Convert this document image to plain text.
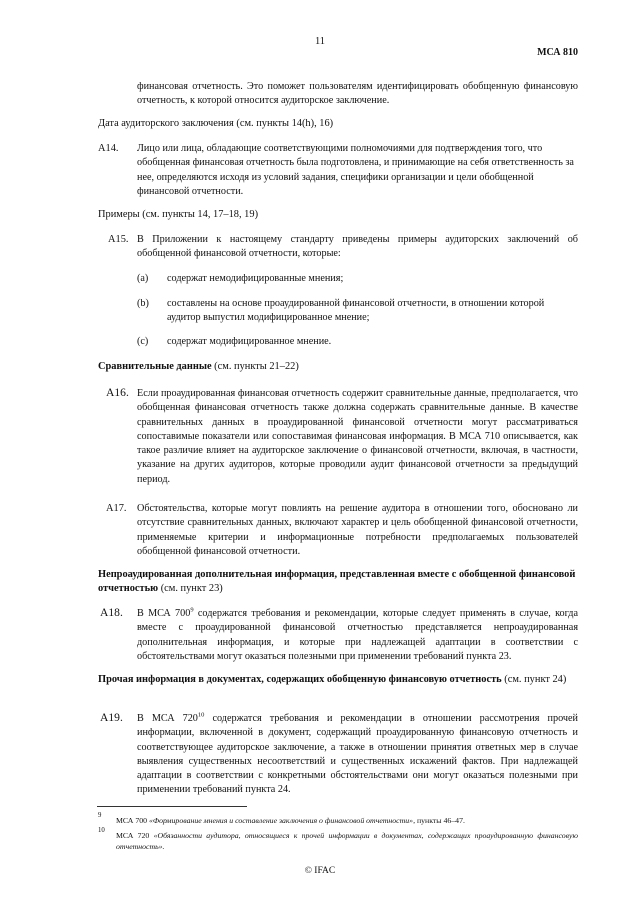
11
МСА 810

финансовая отчетность. Это поможет пользователям идентифицировать обобщенную финансовую отчетность, к которой относится аудиторское заключение.

Дата аудиторского заключения (см. пункты 14(h), 16)

A14. Лицо или лица, обладающие соответствующими полномочиями для подтверждения того, что обобщенная финансовая отчетность была подготовлена, и принимающие на себя ответственность за нее, определяются исходя из условий задания, специфики организации и цели обобщенной финансовой отчетности.

Примеры (см. пункты 14, 17–18, 19)

A15. В Приложении к настоящему стандарту приведены примеры аудиторских заключений об обобщенной финансовой отчетности, которые:

(a) содержат немодифицированные мнения;

(b) составлены на основе проаудированной финансовой отчетности, в отношении которой аудитор выпустил модифицированное мнение;

(c) содержат модифицированное мнение.

Сравнительные данные (см. пункты 21–22)

A16. Если проаудированная финансовая отчетность содержит сравнительные данные, предполагается, что обобщенная финансовая отчетность также должна содержать сравнительные данные. В качестве сравнительных данных в проаудированной финансовой отчетности могут рассматриваться сопоставимые показатели или сопоставимая финансовая информация. В МСА 710 описывается, как такое различие влияет на аудиторское заключение о финансовой отчетности, включая, в частности, указание на других аудиторов, которые проводили аудит финансовой отчетности за предыдущий период.

A17. Обстоятельства, которые могут повлиять на решение аудитора в отношении того, обосновано ли отсутствие сравнительных данных, включают характер и цель обобщенной финансовой отчетности, применяемые критерии и информационные потребности предполагаемых пользователей обобщенной финансовой отчетности.

Непроаудированная дополнительная информация, представленная вместе с обобщенной финансовой отчетностью (см. пункт 23)

A18. В МСА $700^9$ содержатся требования и рекомендации, которые следует применять в случае, когда вместе с проаудированной финансовой отчетностью представляется непроаудированная дополнительная информация, и которые при надлежащей адаптации в соответствии с обстоятельствами могут оказаться полезными при применении требований пункта 23.

Прочая информация в документах, содержащих обобщенную финансовую отчетность (см. пункт 24)

A19. В МСА $720^{10}$ содержатся требования и рекомендации в отношении рассмотрения прочей информации, включенной в документ, содержащий проаудированную финансовую отчетность и соответствующее аудиторское заключение, а также в отношении принятия ответных мер в случае выявления существенных несоответствий и существенных искажений фактов. При надлежащей адаптации в соответствии с конкретными обстоятельствами они могут оказаться полезными при применении требований пункта 24.

9

МСА 700 «Формирование мнения и составление заключения о финансовой отчетности», пункты 46–47.

10

МСА 720 «Обязанности аудитора, относящиеся к прочей информации в документах, содержащих проаудированную финансовую отчетность».

© IFAC
